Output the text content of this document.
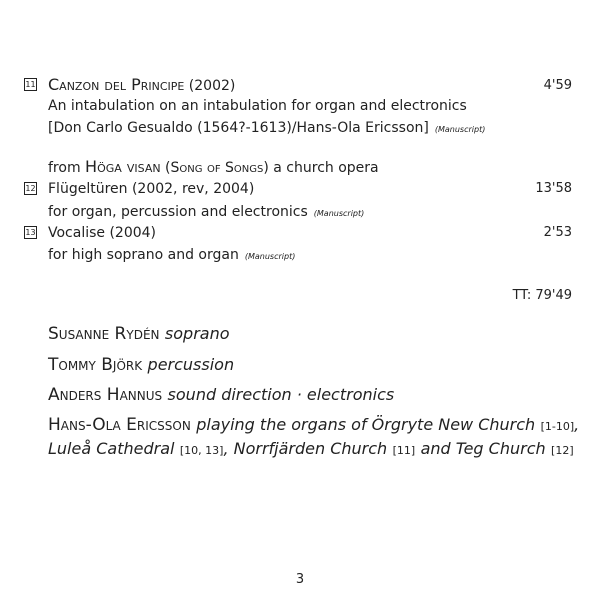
11 Canzon del Principe (2002)	4'59
An intabulation on an intabulation for organ and electronics
[Don Carlo Gesualdo (1564?-1613)/Hans-Ola Ericsson] (Manuscript)
from Höga visan (Song of Songs) a church opera
12 Flügeltüren (2002, rev, 2004)	13'58
for organ, percussion and electronics (Manuscript)
13 Vocalise (2004)	2'53
for high soprano and organ (Manuscript)
TT: 79'49
Susanne Rydén soprano
Tommy Björk percussion
Anders Hannus sound direction · electronics
Hans-Ola Ericsson playing the organs of Örgryte New Church [1-10],
Luleå Cathedral [10, 13], Norrfjärden Church [11] and Teg Church [12]
3
